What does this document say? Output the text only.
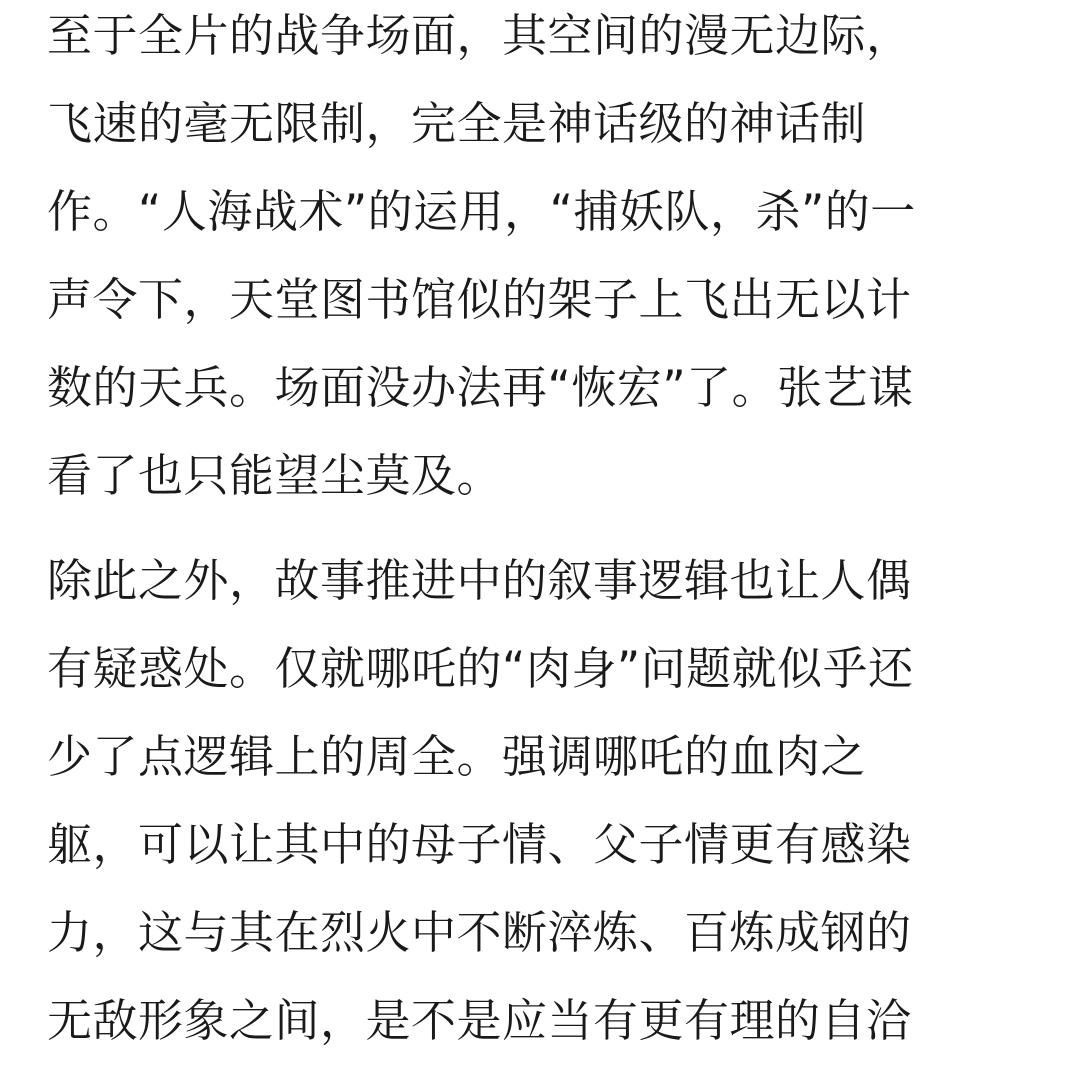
至于全片的战争场面，其空间的漫无边际，
飞速的毫无限制，完全是神话级的神话制
作。“人海战术”的运用，“捕妖队，杀”的一
声令下，天堂图书馆似的架子上飞出无以计
数的天兵。场面没办法再“恢宏”了。张艺谋
看了也只能望尘莫及。
除此之外，故事推进中的叙事逻辑也让人偶
有疑惑处。仅就哪吒的“肉身”问题就似乎还
少了点逻辑上的周全。强调哪吒的血肉之
躯，可以让其中的母子情、父子情更有感染
力，这与其在烈火中不断淬炼、百炼成钢的
无敌形象之间，是不是应当有更有理的自洽
